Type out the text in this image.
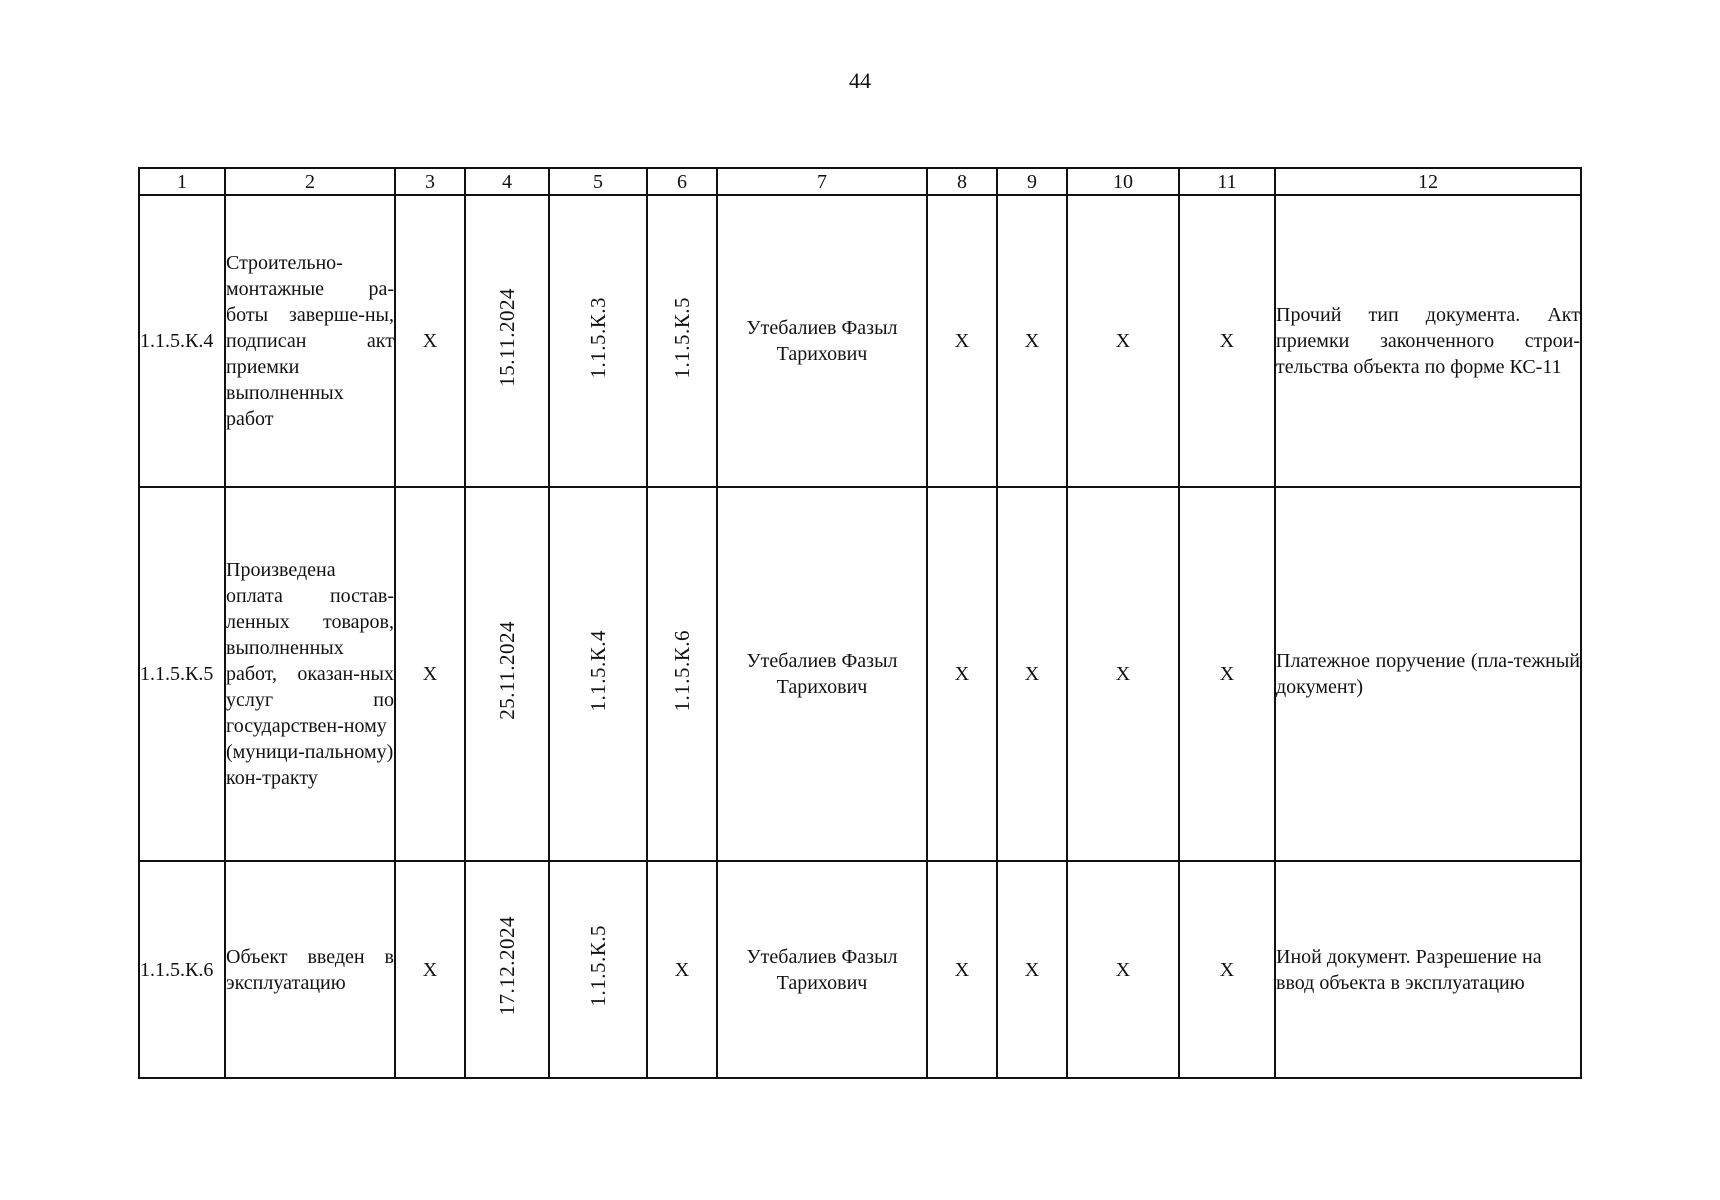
44
1	2	3	4	5	6	7	8	9	10	11	12
1.1.5.К.4	Строительно-монтажные ра-боты заверше-ны, подписан акт приемки выполненных работ	Х	15.11.2024	1.1.5.К.3	1.1.5.К.5	Утебалиев Фазыл Тарихович	Х	Х	Х	Х	Прочий тип документа. Акт приемки законченного строи-тельства объекта по форме КС-11
1.1.5.К.5	Произведена оплата постав-ленных товаров, выполненных работ, оказан-ных услуг по государствен-ному (муници-пальному) кон-тракту	Х	25.11.2024	1.1.5.К.4	1.1.5.К.6	Утебалиев Фазыл Тарихович	Х	Х	Х	Х	Платежное поручение (пла-тежный документ)
1.1.5.К.6	Объект введен в эксплуатацию	Х	17.12.2024	1.1.5.К.5	Х	Утебалиев Фазыл Тарихович	Х	Х	Х	Х	Иной документ. Разрешение на ввод объекта в эксплуатацию
